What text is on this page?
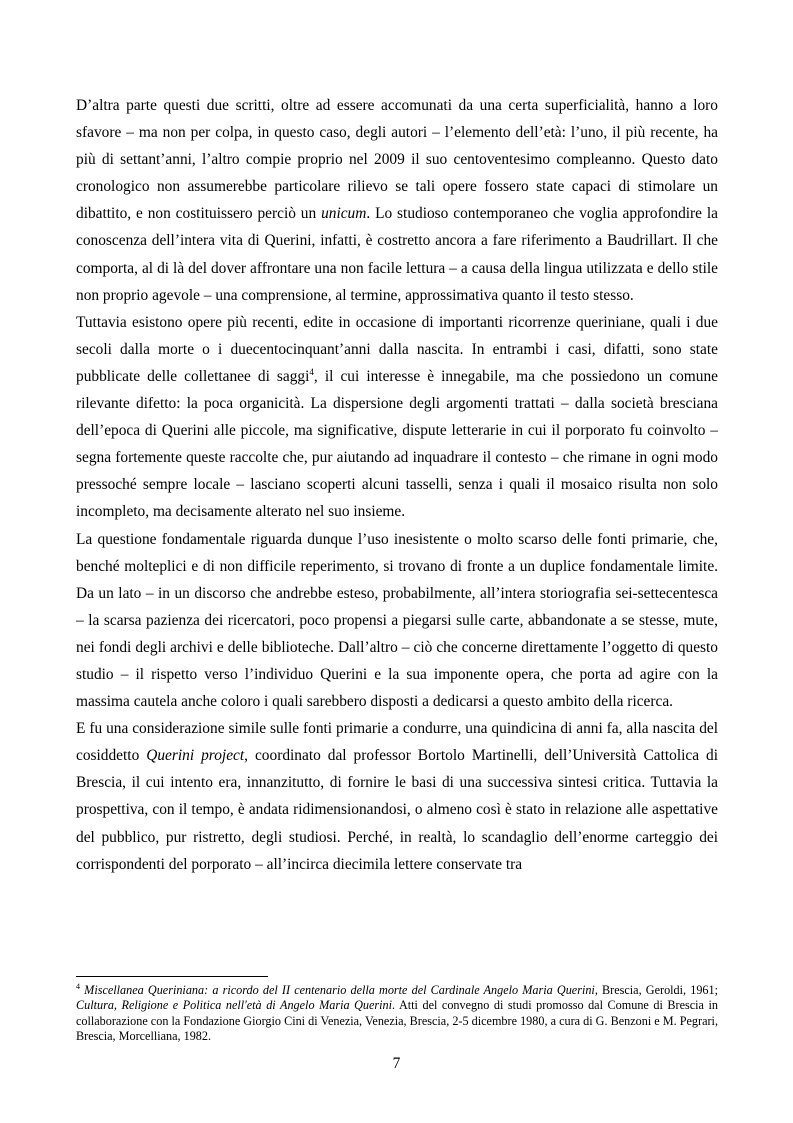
D’altra parte questi due scritti, oltre ad essere accomunati da una certa superficialità, hanno a loro sfavore – ma non per colpa, in questo caso, degli autori – l’elemento dell’età: l’uno, il più recente, ha più di settant’anni, l’altro compie proprio nel 2009 il suo centoventesimo compleanno. Questo dato cronologico non assumerebbe particolare rilievo se tali opere fossero state capaci di stimolare un dibattito, e non costituissero perciò un unicum. Lo studioso contemporaneo che voglia approfondire la conoscenza dell’intera vita di Querini, infatti, è costretto ancora a fare riferimento a Baudrillart. Il che comporta, al di là del dover affrontare una non facile lettura – a causa della lingua utilizzata e dello stile non proprio agevole – una comprensione, al termine, approssimativa quanto il testo stesso.

Tuttavia esistono opere più recenti, edite in occasione di importanti ricorrenze queriniane, quali i due secoli dalla morte o i duecentocinquant’anni dalla nascita. In entrambi i casi, difatti, sono state pubblicate delle collettanee di saggi$^4$, il cui interesse è innegabile, ma che possiedono un comune rilevante difetto: la poca organicità. La dispersione degli argomenti trattati – dalla società bresciana dell’epoca di Querini alle piccole, ma significative, dispute letterarie in cui il porporato fu coinvolto – segna fortemente queste raccolte che, pur aiutando ad inquadrare il contesto – che rimane in ogni modo pressoché sempre locale – lasciano scoperti alcuni tasselli, senza i quali il mosaico risulta non solo incompleto, ma decisamente alterato nel suo insieme.

La questione fondamentale riguarda dunque l’uso inesistente o molto scarso delle fonti primarie, che, benché molteplici e di non difficile reperimento, si trovano di fronte a un duplice fondamentale limite. Da un lato – in un discorso che andrebbe esteso, probabilmente, all’intera storiografia sei-settecentesca – la scarsa pazienza dei ricercatori, poco propensi a piegarsi sulle carte, abbandonate a se stesse, mute, nei fondi degli archivi e delle biblioteche. Dall’altro – ciò che concerne direttamente l’oggetto di questo studio – il rispetto verso l’individuo Querini e la sua imponente opera, che porta ad agire con la massima cautela anche coloro i quali sarebbero disposti a dedicarsi a questo ambito della ricerca.

E fu una considerazione simile sulle fonti primarie a condurre, una quindicina di anni fa, alla nascita del cosiddetto Querini project, coordinato dal professor Bortolo Martinelli, dell’Università Cattolica di Brescia, il cui intento era, innanzitutto, di fornire le basi di una successiva sintesi critica. Tuttavia la prospettiva, con il tempo, è andata ridimensionandosi, o almeno così è stato in relazione alle aspettative del pubblico, pur ristretto, degli studiosi. Perché, in realtà, lo scandaglio dell’enorme carteggio dei corrispondenti del porporato – all’incirca diecimila lettere conservate tra

$^4$ Miscellanea Queriniana: a ricordo del II centenario della morte del Cardinale Angelo Maria Querini, Brescia, Geroldi, 1961; Cultura, Religione e Politica nell'età di Angelo Maria Querini. Atti del convegno di studi promosso dal Comune di Brescia in collaborazione con la Fondazione Giorgio Cini di Venezia, Venezia, Brescia, 2-5 dicembre 1980, a cura di G. Benzoni e M. Pegrari, Brescia, Morcelliana, 1982.
7
